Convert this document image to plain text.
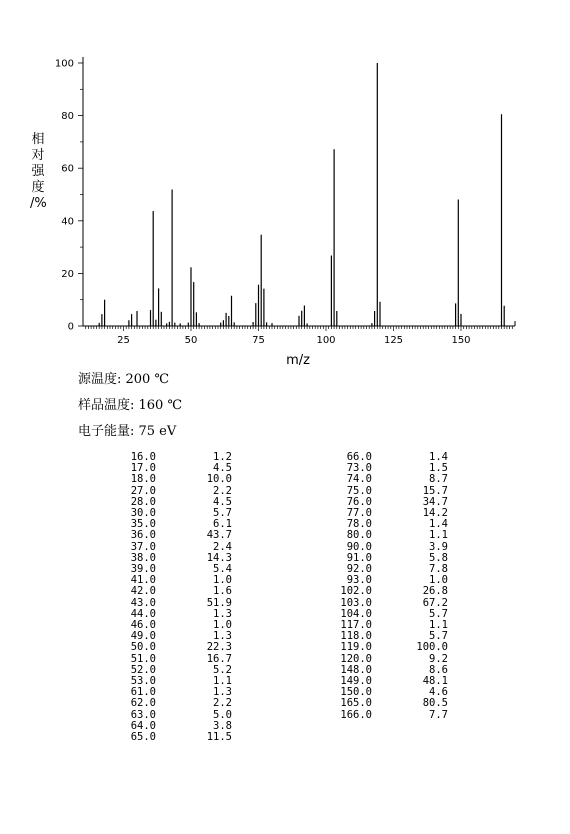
25	50	75	100	125	150
0
20
40
60
80
100
m/z
相
对
强
度
/%
源温度: 200 ℃
样品温度: 160 ℃
电子能量: 75 eV
16.0	1.2
17.0	4.5
18.0	10.0
27.0	2.2
28.0	4.5
30.0	5.7
35.0	6.1
36.0	43.7
37.0	2.4
38.0	14.3
39.0	5.4
41.0	1.0
42.0	1.6
43.0	51.9
44.0	1.3
46.0	1.0
49.0	1.3
50.0	22.3
51.0	16.7
52.0	5.2
53.0	1.1
61.0	1.3
62.0	2.2
63.0	5.0
64.0	3.8
65.0	11.5
66.0	1.4
73.0	1.5
74.0	8.7
75.0	15.7
76.0	34.7
77.0	14.2
78.0	1.4
80.0	1.1
90.0	3.9
91.0	5.8
92.0	7.8
93.0	1.0
102.0	26.8
103.0	67.2
104.0	5.7
117.0	1.1
118.0	5.7
119.0	100.0
120.0	9.2
148.0	8.6
149.0	48.1
150.0	4.6
165.0	80.5
166.0	7.7
